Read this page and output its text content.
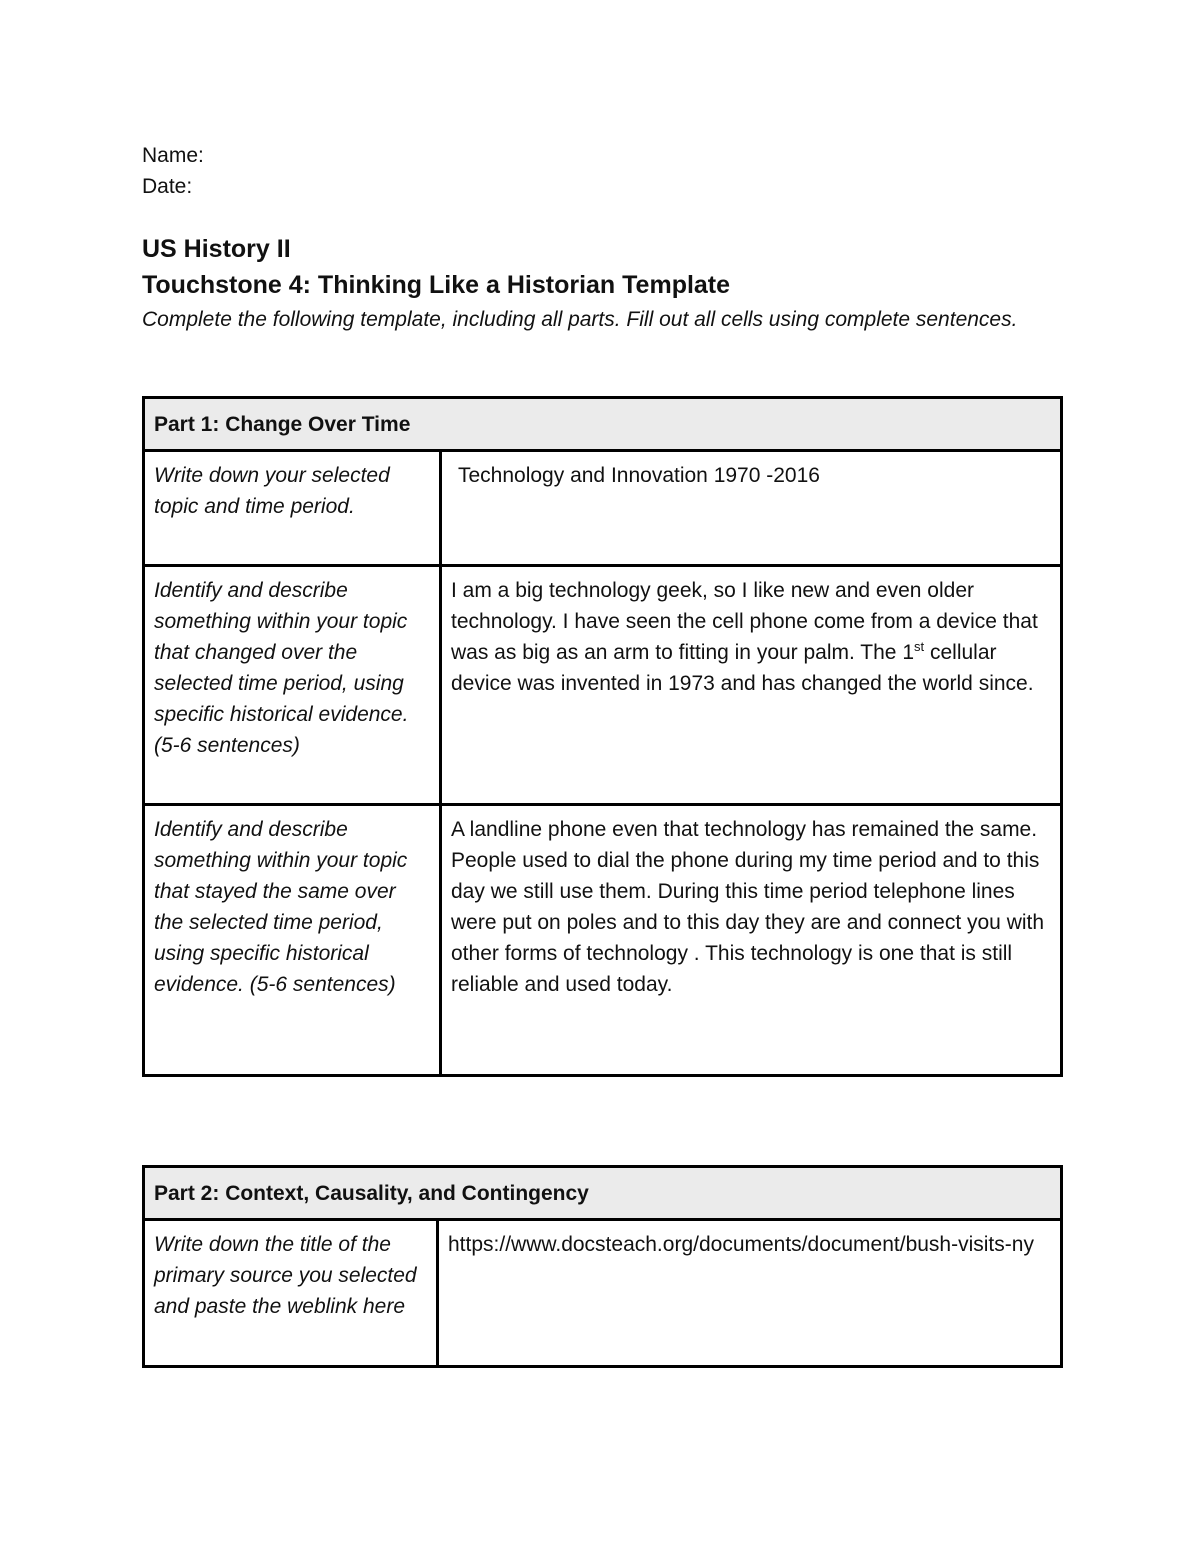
Name:
Date:
US History II
Touchstone 4: Thinking Like a Historian Template
Complete the following template, including all parts. Fill out all cells using complete sentences.
Part 1: Change Over Time	
Write down your selected topic and time period.	Technology and Innovation 1970 -2016
Identify and describe something within your topic that changed over the selected time period, using specific historical evidence. (5-6 sentences)	I am a big technology geek, so I like new and even older technology. I have seen the cell phone come from a device that was as big as an arm to fitting in your palm. The 1st cellular device was invented in 1973 and has changed the world since.
Identify and describe something within your topic that stayed the same over the selected time period, using specific historical evidence. (5-6 sentences)	A landline phone even that technology has remained the same. People used to dial the phone during my time period and to this day we still use them. During this time period telephone lines were put on poles and to this day they are and connect you with other forms of technology . This technology is one that is still reliable and used today.
Part 2: Context, Causality, and Contingency
Write down the title of the primary source you selected and paste the weblink here	https://www.docsteach.org/documents/document/bush-visits-ny
